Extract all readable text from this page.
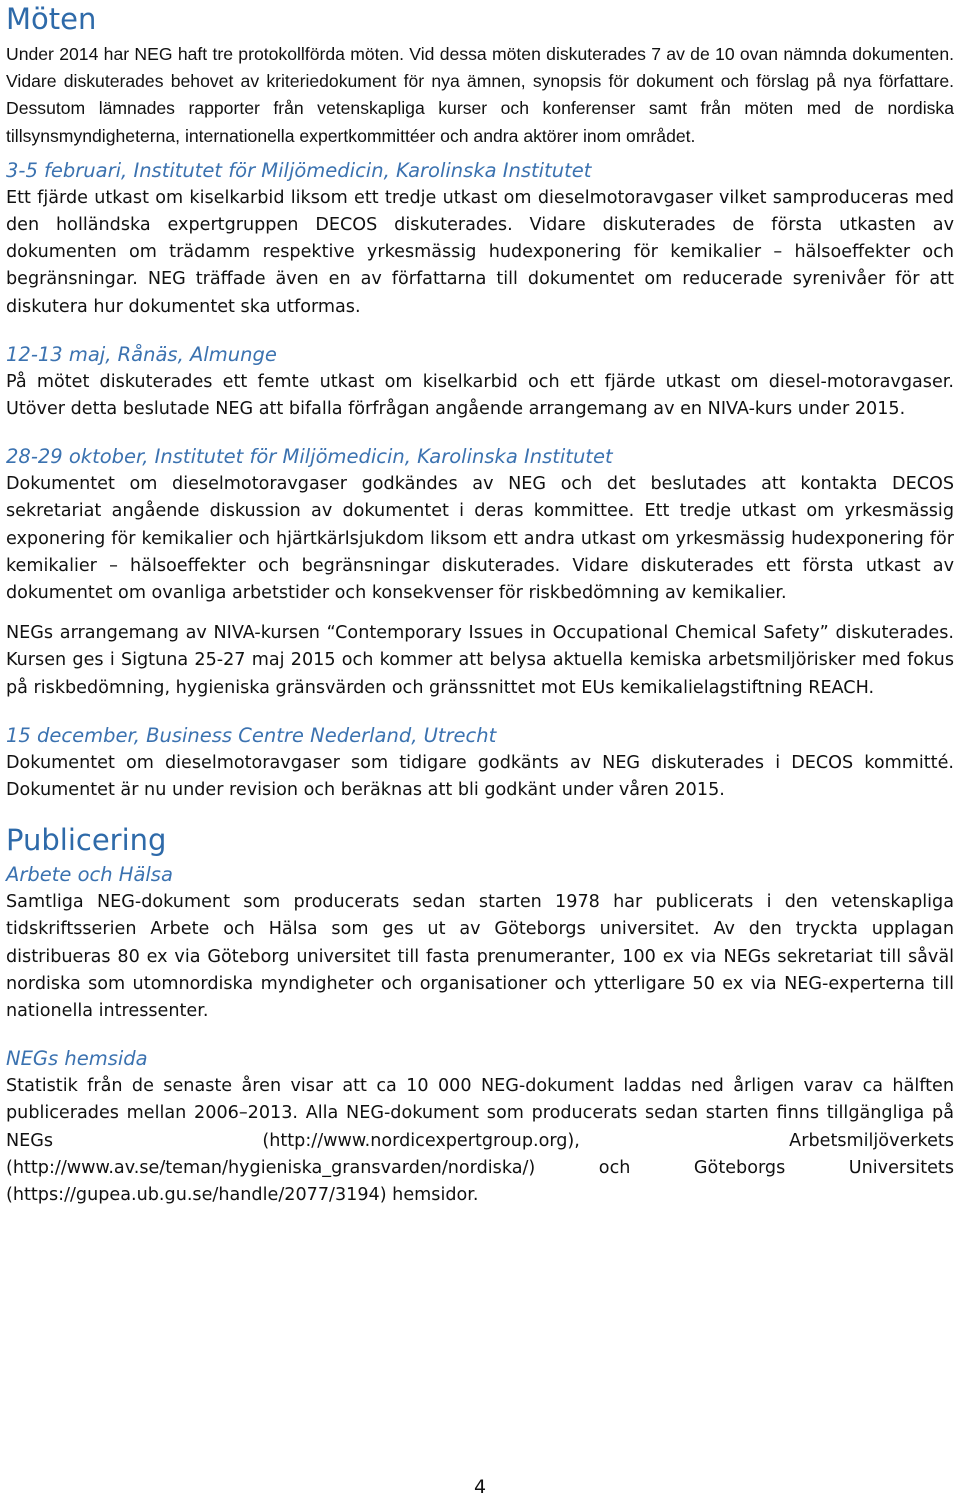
Möten

Under 2014 har NEG haft tre protokollförda möten. Vid dessa möten diskuterades 7 av de 10 ovan nämnda dokumenten. Vidare diskuterades behovet av kriteriedokument för nya ämnen, synopsis för dokument och förslag på nya författare. Dessutom lämnades rapporter från vetenskapliga kurser och konferenser samt från möten med de nordiska tillsynsmyndigheterna, internationella expertkommittéer och andra aktörer inom området.

3-5 februari, Institutet för Miljömedicin, Karolinska Institutet

Ett fjärde utkast om kiselkarbid liksom ett tredje utkast om dieselmotoravgaser vilket samproduceras med den holländska expertgruppen DECOS diskuterades. Vidare diskuterades de första utkasten av dokumenten om trädamm respektive yrkesmässig hudexponering för kemikalier – hälsoeffekter och begränsningar. NEG träffade även en av författarna till dokumentet om reducerade syrenivåer för att diskutera hur dokumentet ska utformas.

12-13 maj, Rånäs, Almunge

På mötet diskuterades ett femte utkast om kiselkarbid och ett fjärde utkast om diesel-motoravgaser. Utöver detta beslutade NEG att bifalla förfrågan angående arrangemang av en NIVA-kurs under 2015.

28-29 oktober, Institutet för Miljömedicin, Karolinska Institutet

Dokumentet om dieselmotoravgaser godkändes av NEG och det beslutades att kontakta DECOS sekretariat angående diskussion av dokumentet i deras kommittee. Ett tredje utkast om yrkesmässig exponering för kemikalier och hjärtkärlsjukdom liksom ett andra utkast om yrkesmässig hudexponering för kemikalier – hälsoeffekter och begränsningar diskuterades. Vidare diskuterades ett första utkast av dokumentet om ovanliga arbetstider och konsekvenser för riskbedömning av kemikalier.

NEGs arrangemang av NIVA-kursen “Contemporary Issues in Occupational Chemical Safety” diskuterades. Kursen ges i Sigtuna 25-27 maj 2015 och kommer att belysa aktuella kemiska arbetsmiljörisker med fokus på riskbedömning, hygieniska gränsvärden och gränssnittet mot EUs kemikalielagstiftning REACH.

15 december, Business Centre Nederland, Utrecht

Dokumentet om dieselmotoravgaser som tidigare godkänts av NEG diskuterades i DECOS kommitté. Dokumentet är nu under revision och beräknas att bli godkänt under våren 2015.

Publicering
Arbete och Hälsa

Samtliga NEG-dokument som producerats sedan starten 1978 har publicerats i den vetenskapliga tidskriftsserien Arbete och Hälsa som ges ut av Göteborgs universitet. Av den tryckta upplagan distribueras 80 ex via Göteborg universitet till fasta prenumeranter, 100 ex via NEGs sekretariat till såväl nordiska som utomnordiska myndigheter och organisationer och ytterligare 50 ex via NEG-experterna till nationella intressenter.

NEGs hemsida

Statistik från de senaste åren visar att ca 10 000 NEG-dokument laddas ned årligen varav ca hälften publicerades mellan 2006–2013. Alla NEG-dokument som producerats sedan starten finns tillgängliga på NEGs (http://www.nordicexpertgroup.org), Arbetsmiljöverkets (http://www.av.se/teman/hygieniska_gransvarden/nordiska/) och Göteborgs Universitets (https://gupea.ub.gu.se/handle/2077/3194) hemsidor.

4
